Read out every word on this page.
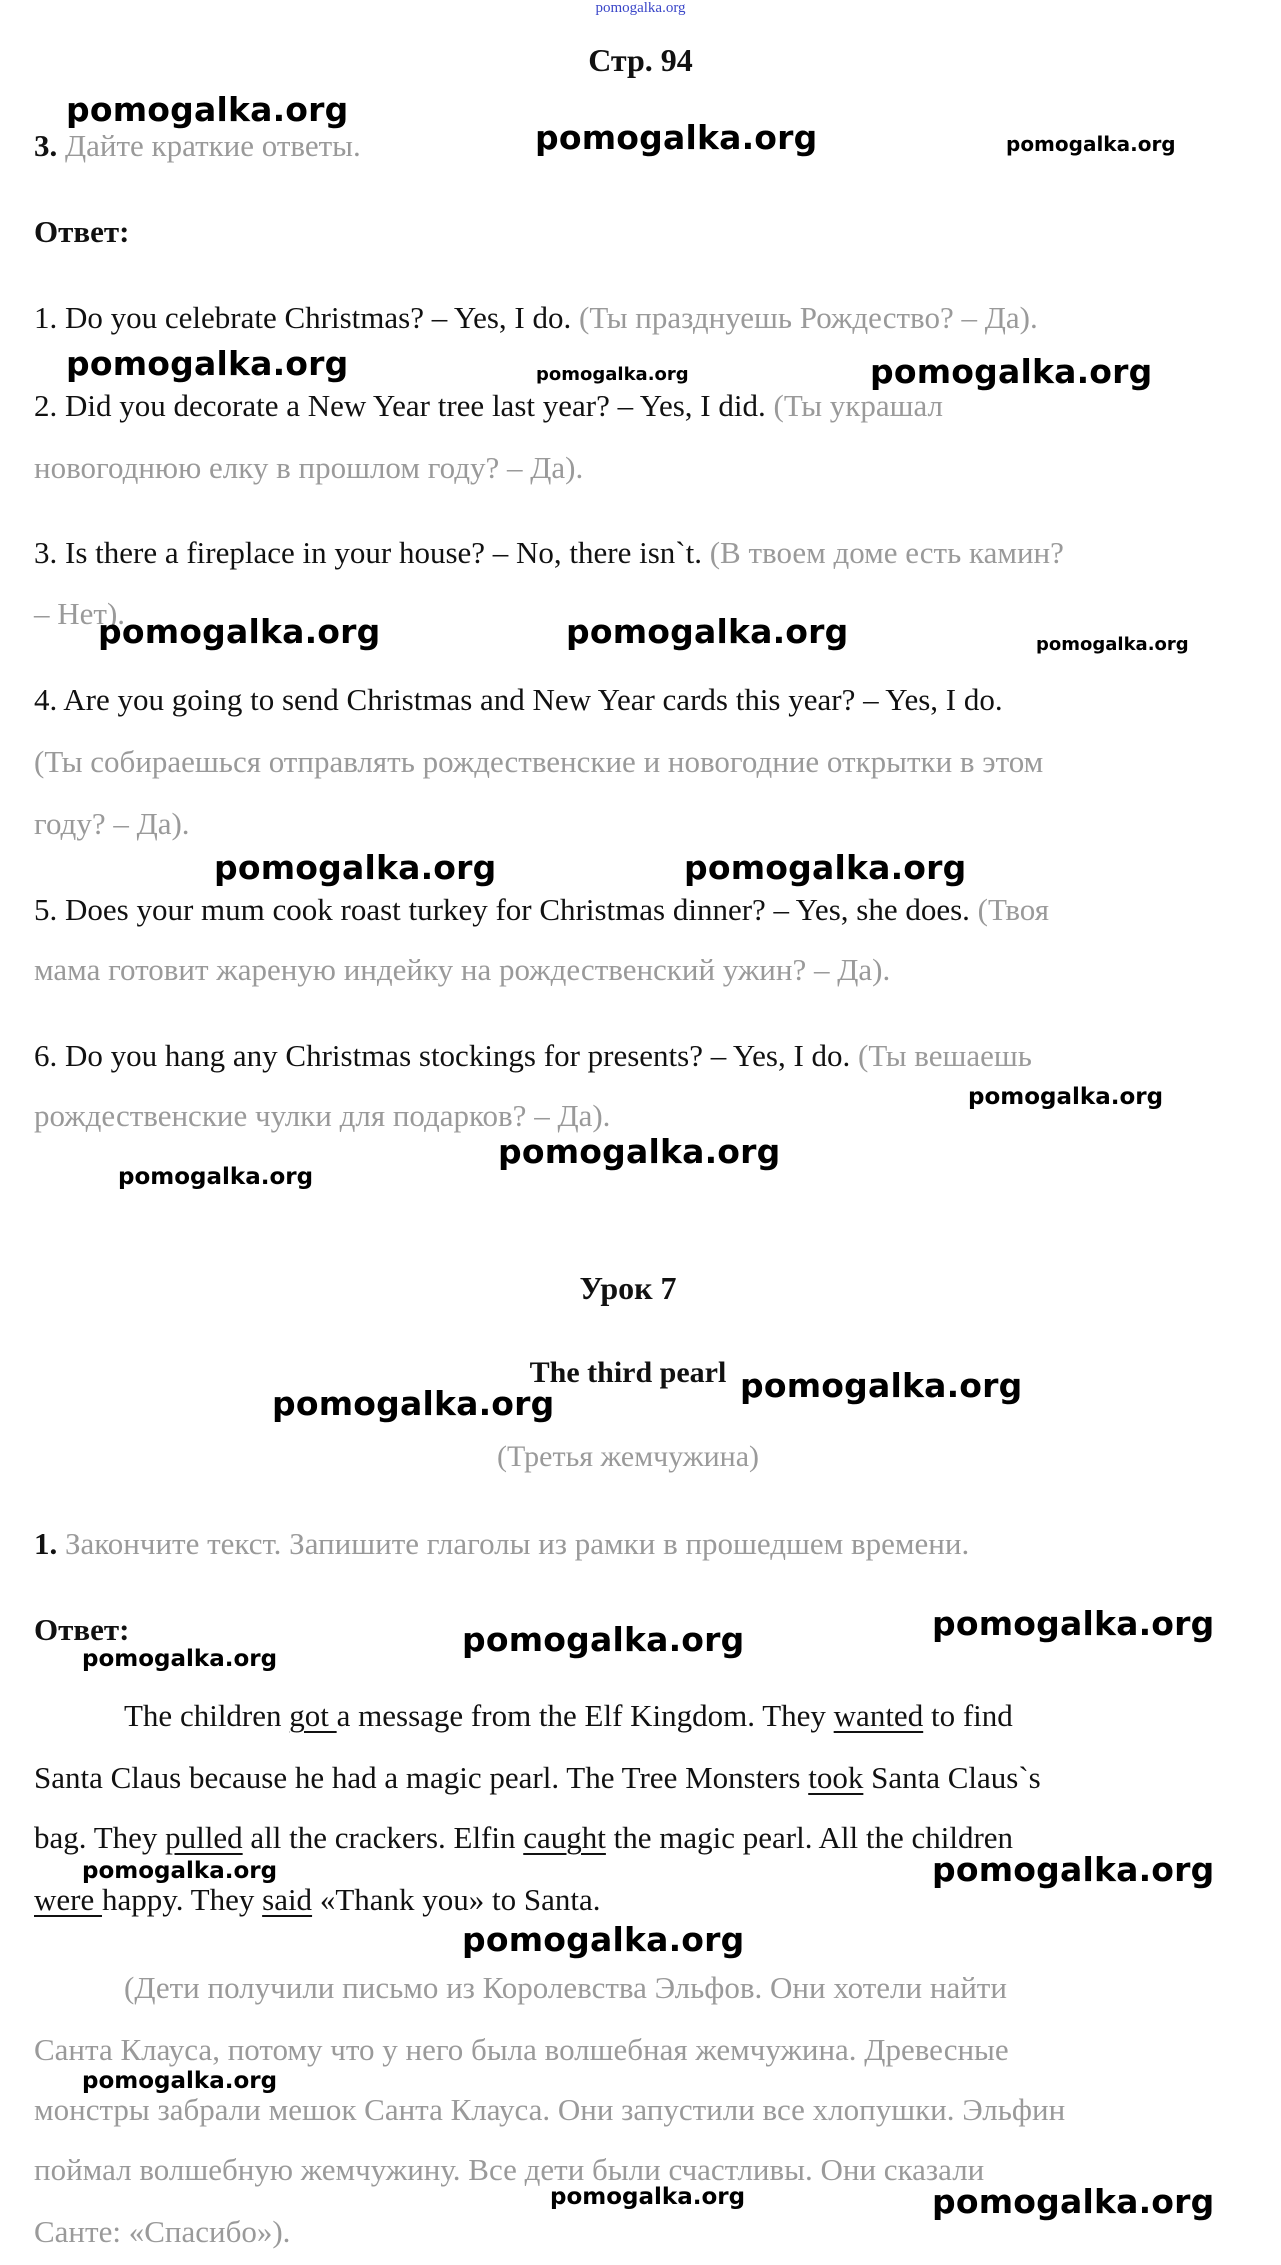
pomogalka.org
Стр. 94
3. Дайте краткие ответы.
Ответ:
1. Do you celebrate Christmas? – Yes, I do. (Ты празднуешь Рождество? – Да).
2. Did you decorate a New Year tree last year? – Yes, I did. (Ты украшал
новогоднюю елку в прошлом году? – Да).
3. Is there a fireplace in your house? – No, there isn`t. (В твоем доме есть камин?
– Нет).
4. Are you going to send Christmas and New Year cards this year? – Yes, I do.
(Ты собираешься отправлять рождественские и новогодние открытки в этом
году? – Да).
5. Does your mum cook roast turkey for Christmas dinner? – Yes, she does. (Твоя
мама готовит жареную индейку на рождественский ужин? – Да).
6. Do you hang any Christmas stockings for presents? – Yes, I do. (Ты вешаешь
рождественские чулки для подарков? – Да).
Урок 7
The third pearl
(Третья жемчужина)
1. Закончите текст. Запишите глаголы из рамки в прошедшем времени.
Ответ:
The children got a message from the Elf Kingdom. They wanted to find
Santa Claus because he had a magic pearl. The Tree Monsters took Santa Claus`s
bag. They pulled all the crackers. Elfin caught the magic pearl. All the children
were happy. They said «Thank you» to Santa.
(Дети получили письмо из Королевства Эльфов. Они хотели найти
Санта Клауса, потому что у него была волшебная жемчужина. Древесные
монстры забрали мешок Санта Клауса. Они запустили все хлопушки. Эльфин
поймал волшебную жемчужину. Все дети были счастливы. Они сказали
Санте: «Спасибо»).
pomogalka.org
pomogalka.org	pomogalka.org
pomogalka.org	pomogalka.org	pomogalka.org
pomogalka.org	pomogalka.org	pomogalka.org
pomogalka.org	pomogalka.org
pomogalka.org
pomogalka.org
pomogalka.org
pomogalka.org
pomogalka.org
pomogalka.org
pomogalka.org
pomogalka.org
pomogalka.org	pomogalka.org
pomogalka.org
pomogalka.org
pomogalka.org	pomogalka.org
